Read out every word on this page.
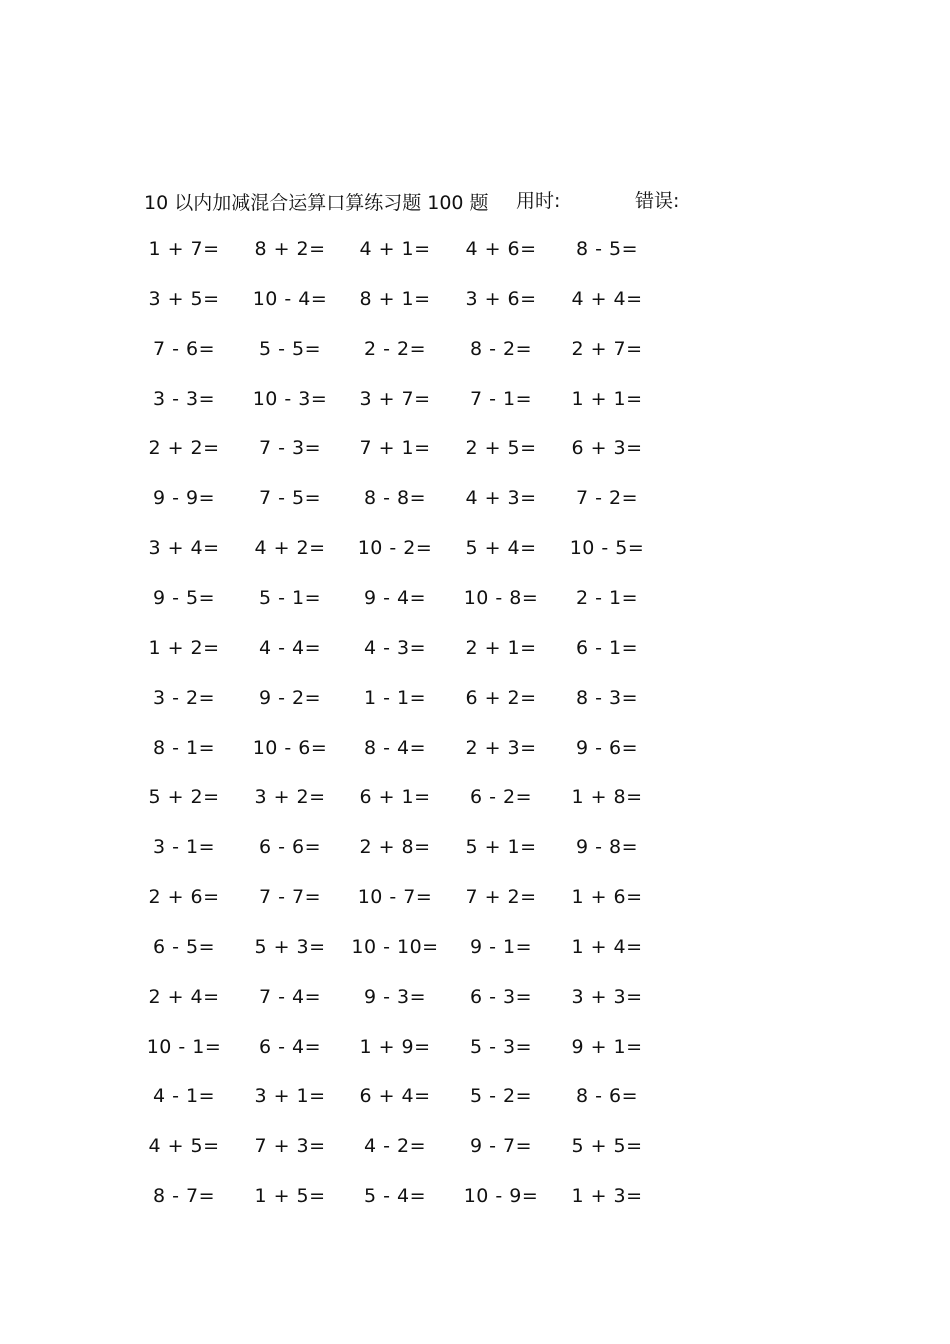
10 以内加减混合运算口算练习题 100 题 用时:	错误:
1 + 7= 8 + 2= 4 + 1= 4 + 6= 8 - 5=
3 + 5= 10 - 4= 8 + 1= 3 + 6= 4 + 4=
7 - 6= 5 - 5= 2 - 2= 8 - 2= 2 + 7=
3 - 3= 10 - 3= 3 + 7= 7 - 1= 1 + 1=
2 + 2= 7 - 3= 7 + 1= 2 + 5= 6 + 3=
9 - 9= 7 - 5= 8 - 8= 4 + 3= 7 - 2=
3 + 4= 4 + 2= 10 - 2= 5 + 4= 10 - 5=
9 - 5= 5 - 1= 9 - 4= 10 - 8= 2 - 1=
1 + 2= 4 - 4= 4 - 3= 2 + 1= 6 - 1=
3 - 2= 9 - 2= 1 - 1= 6 + 2= 8 - 3=
8 - 1= 10 - 6= 8 - 4= 2 + 3= 9 - 6=
5 + 2= 3 + 2= 6 + 1= 6 - 2= 1 + 8=
3 - 1= 6 - 6= 2 + 8= 5 + 1= 9 - 8=
2 + 6= 7 - 7= 10 - 7= 7 + 2= 1 + 6=
6 - 5= 5 + 3= 10 - 10= 9 - 1= 1 + 4=
2 + 4= 7 - 4= 9 - 3= 6 - 3= 3 + 3=
10 - 1= 6 - 4= 1 + 9= 5 - 3= 9 + 1=
4 - 1= 3 + 1= 6 + 4= 5 - 2= 8 - 6=
4 + 5= 7 + 3= 4 - 2= 9 - 7= 5 + 5=
8 - 7= 1 + 5= 5 - 4= 10 - 9= 1 + 3=
